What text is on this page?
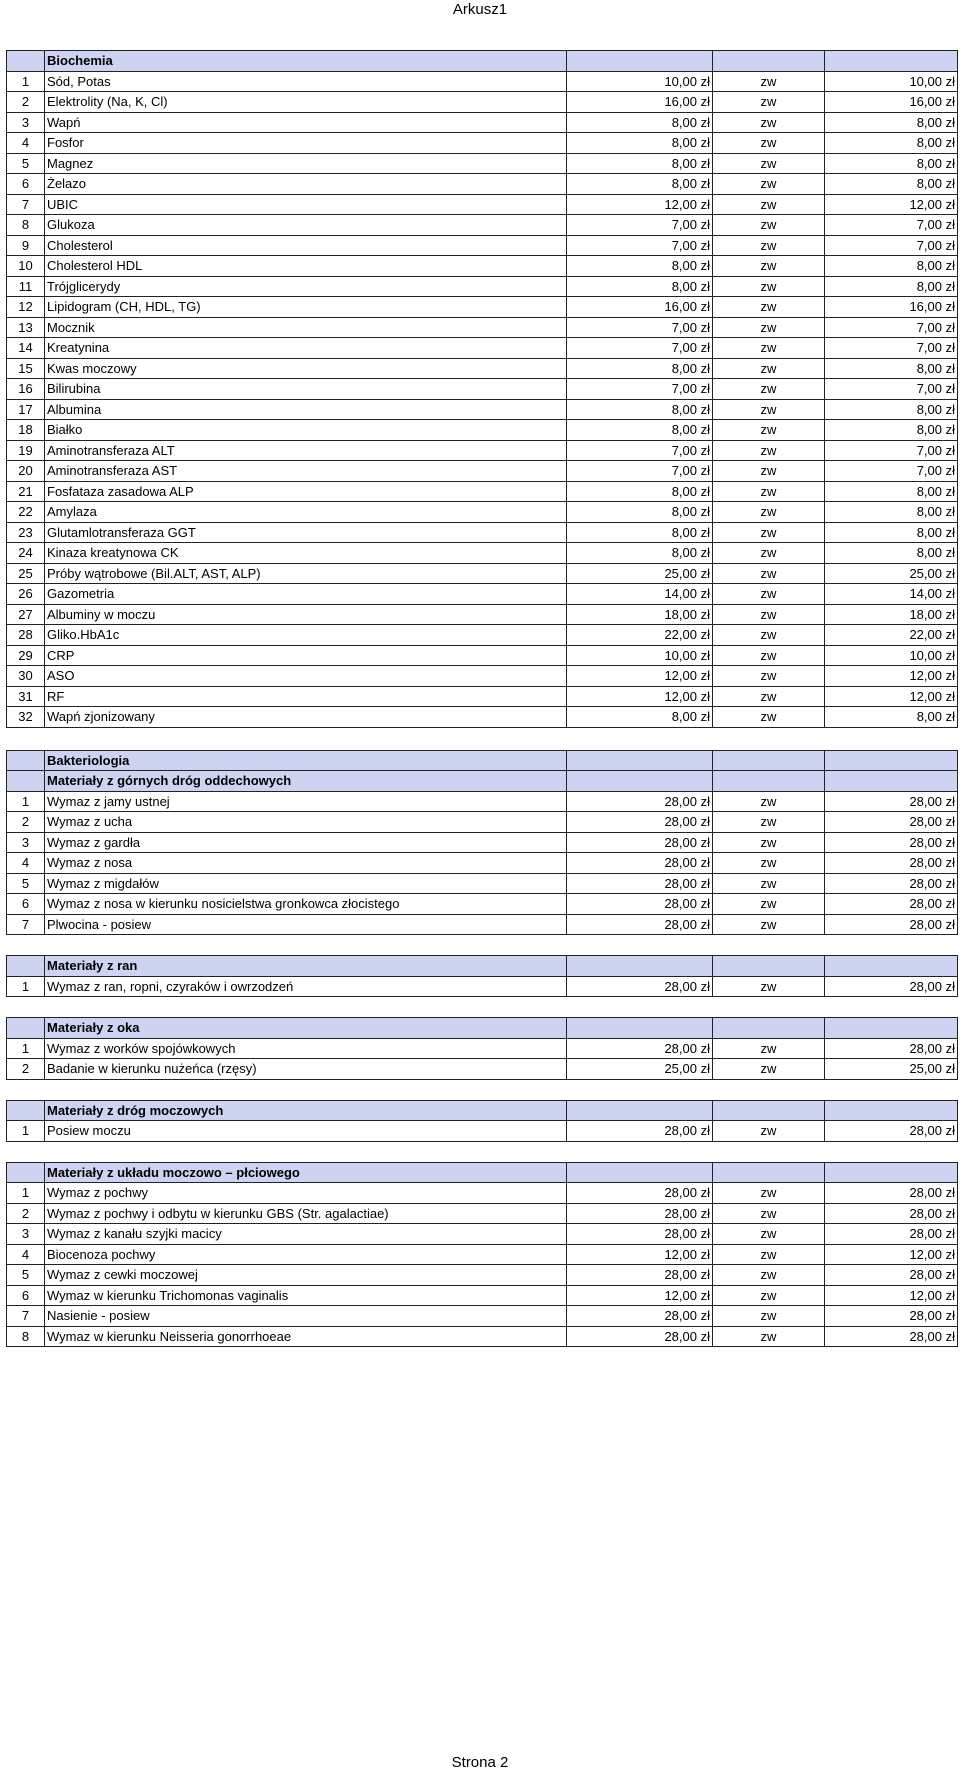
Arkusz1
	Biochemia			
1	Sód, Potas	10,00 zł	zw	10,00 zł
2	Elektrolity (Na, K, Cl)	16,00 zł	zw	16,00 zł
3	Wapń	8,00 zł	zw	8,00 zł
4	Fosfor	8,00 zł	zw	8,00 zł
5	Magnez	8,00 zł	zw	8,00 zł
6	Żelazo	8,00 zł	zw	8,00 zł
7	UBIC	12,00 zł	zw	12,00 zł
8	Glukoza	7,00 zł	zw	7,00 zł
9	Cholesterol	7,00 zł	zw	7,00 zł
10	Cholesterol HDL	8,00 zł	zw	8,00 zł
11	Trójglicerydy	8,00 zł	zw	8,00 zł
12	Lipidogram (CH, HDL, TG)	16,00 zł	zw	16,00 zł
13	Mocznik	7,00 zł	zw	7,00 zł
14	Kreatynina	7,00 zł	zw	7,00 zł
15	Kwas moczowy	8,00 zł	zw	8,00 zł
16	Bilirubina	7,00 zł	zw	7,00 zł
17	Albumina	8,00 zł	zw	8,00 zł
18	Białko	8,00 zł	zw	8,00 zł
19	Aminotransferaza ALT	7,00 zł	zw	7,00 zł
20	Aminotransferaza AST	7,00 zł	zw	7,00 zł
21	Fosfataza zasadowa ALP	8,00 zł	zw	8,00 zł
22	Amylaza	8,00 zł	zw	8,00 zł
23	Glutamlotransferaza GGT	8,00 zł	zw	8,00 zł
24	Kinaza kreatynowa CK	8,00 zł	zw	8,00 zł
25	Próby wątrobowe (Bil.ALT, AST, ALP)	25,00 zł	zw	25,00 zł
26	Gazometria	14,00 zł	zw	14,00 zł
27	Albuminy w moczu	18,00 zł	zw	18,00 zł
28	Gliko.HbA1c	22,00 zł	zw	22,00 zł
29	CRP	10,00 zł	zw	10,00 zł
30	ASO	12,00 zł	zw	12,00 zł
31	RF	12,00 zł	zw	12,00 zł
32	Wapń zjonizowany	8,00 zł	zw	8,00 zł
	Bakteriologia			
	Materiały z górnych dróg oddechowych			
1	Wymaz z jamy ustnej	28,00 zł	zw	28,00 zł
2	Wymaz z ucha	28,00 zł	zw	28,00 zł
3	Wymaz z gardła	28,00 zł	zw	28,00 zł
4	Wymaz z nosa	28,00 zł	zw	28,00 zł
5	Wymaz z migdałów	28,00 zł	zw	28,00 zł
6	Wymaz z nosa w kierunku nosicielstwa gronkowca złocistego	28,00 zł	zw	28,00 zł
7	Plwocina - posiew	28,00 zł	zw	28,00 zł
	Materiały z ran			
1	Wymaz z ran, ropni, czyraków i owrzodzeń	28,00 zł	zw	28,00 zł
	Materiały z oka			
1	Wymaz z worków spojówkowych	28,00 zł	zw	28,00 zł
2	Badanie w kierunku nużeńca (rzęsy)	25,00 zł	zw	25,00 zł
	Materiały z dróg moczowych			
1	Posiew moczu	28,00 zł	zw	28,00 zł
	Materiały z układu moczowo – płciowego			
1	Wymaz z pochwy	28,00 zł	zw	28,00 zł
2	Wymaz z pochwy i odbytu w kierunku GBS (Str. agalactiae)	28,00 zł	zw	28,00 zł
3	Wymaz z kanału szyjki macicy	28,00 zł	zw	28,00 zł
4	Biocenoza pochwy	12,00 zł	zw	12,00 zł
5	Wymaz z cewki moczowej	28,00 zł	zw	28,00 zł
6	Wymaz w kierunku Trichomonas vaginalis	12,00 zł	zw	12,00 zł
7	Nasienie - posiew	28,00 zł	zw	28,00 zł
8	Wymaz w kierunku Neisseria gonorrhoeae	28,00 zł	zw	28,00 zł
Strona 2
